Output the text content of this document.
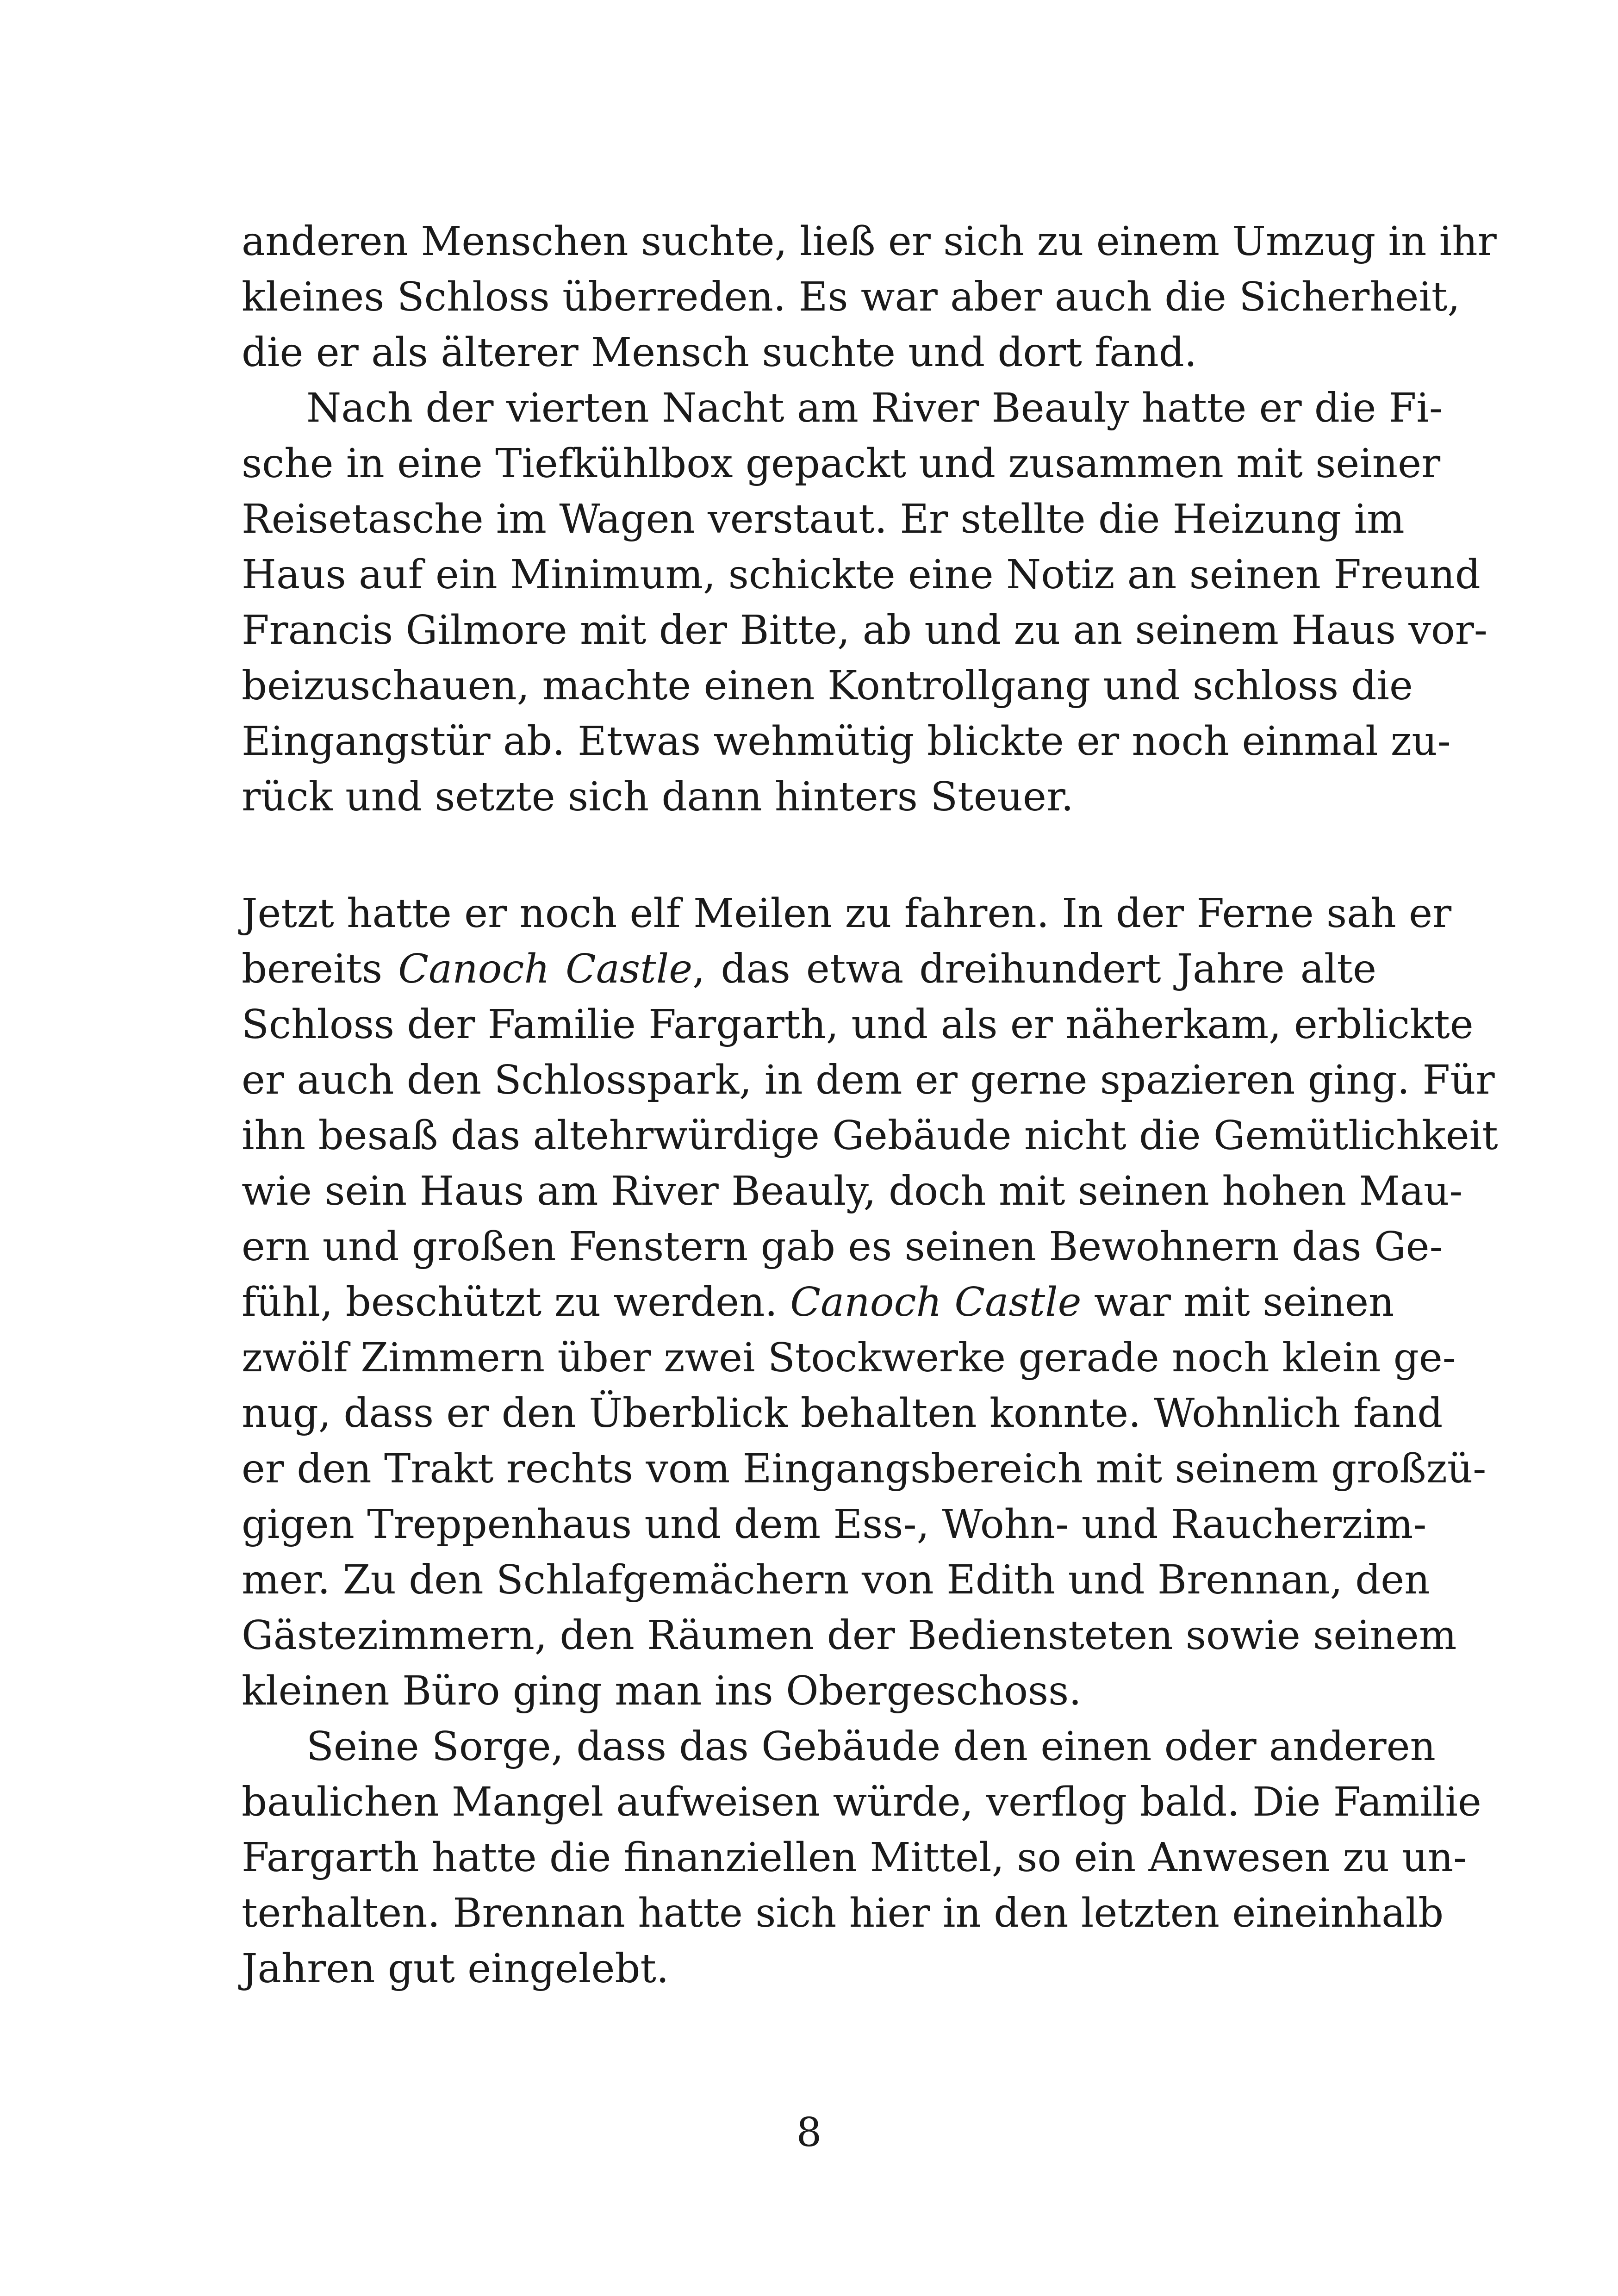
anderen Menschen suchte, ließ er sich zu einem Umzug in ihr
kleines Schloss überreden. Es war aber auch die Sicherheit,
die er als älterer Mensch suchte und dort fand.
Nach der vierten Nacht am River Beauly hatte er die Fi-
sche in eine Tiefkühlbox gepackt und zusammen mit seiner
Reisetasche im Wagen verstaut. Er stellte die Heizung im
Haus auf ein Minimum, schickte eine Notiz an seinen Freund
Francis Gilmore mit der Bitte, ab und zu an seinem Haus vor-
beizuschauen, machte einen Kontrollgang und schloss die
Eingangstür ab. Etwas wehmütig blickte er noch einmal zu-
rück und setzte sich dann hinters Steuer.
Jetzt hatte er noch elf Meilen zu fahren. In der Ferne sah er
bereits Canoch Castle, das etwa dreihundert Jahre alte
Schloss der Familie Fargarth, und als er näherkam, erblickte
er auch den Schlosspark, in dem er gerne spazieren ging. Für
ihn besaß das altehrwürdige Gebäude nicht die Gemütlichkeit
wie sein Haus am River Beauly, doch mit seinen hohen Mau-
ern und großen Fenstern gab es seinen Bewohnern das Ge-
fühl, beschützt zu werden. Canoch Castle war mit seinen
zwölf Zimmern über zwei Stockwerke gerade noch klein ge-
nug, dass er den Überblick behalten konnte. Wohnlich fand
er den Trakt rechts vom Eingangsbereich mit seinem großzü-
gigen Treppenhaus und dem Ess-, Wohn- und Raucherzim-
mer. Zu den Schlafgemächern von Edith und Brennan, den
Gästezimmern, den Räumen der Bediensteten sowie seinem
kleinen Büro ging man ins Obergeschoss.
Seine Sorge, dass das Gebäude den einen oder anderen
baulichen Mangel aufweisen würde, verflog bald. Die Familie
Fargarth hatte die finanziellen Mittel, so ein Anwesen zu un-
terhalten. Brennan hatte sich hier in den letzten eineinhalb
Jahren gut eingelebt.
8
